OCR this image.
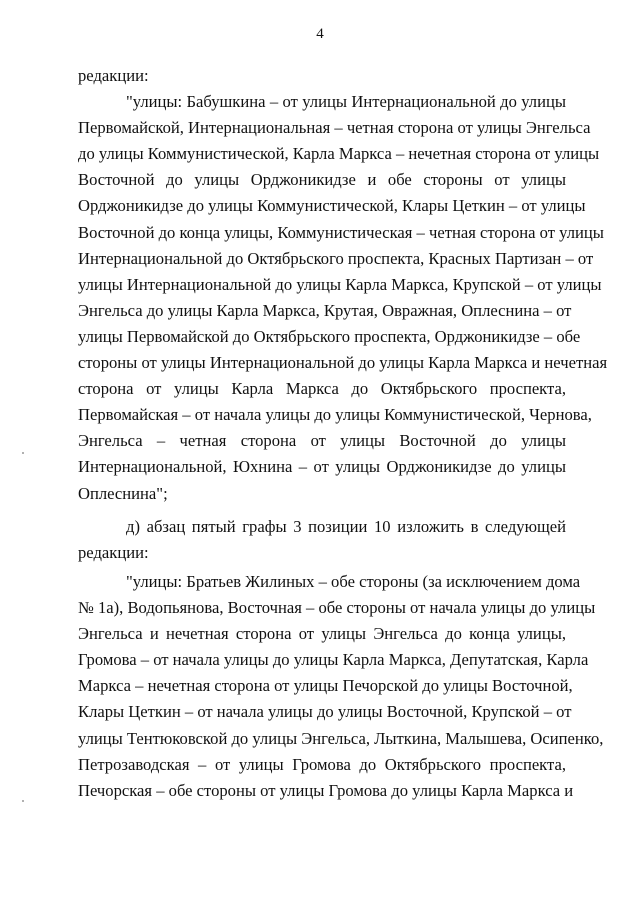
4
редакции:
"улицы: Бабушкина – от улицы Интернациональной до улицы
Первомайской, Интернациональная – четная сторона от улицы Энгельса
до улицы Коммунистической, Карла Маркса – нечетная сторона от улицы
Восточной до улицы Орджоникидзе и обе стороны от улицы
Орджоникидзе до улицы Коммунистической, Клары Цеткин – от улицы
Восточной до конца улицы, Коммунистическая – четная сторона от улицы
Интернациональной до Октябрьского проспекта, Красных Партизан – от
улицы Интернациональной до улицы Карла Маркса, Крупской – от улицы
Энгельса до улицы Карла Маркса, Крутая, Овражная, Оплеснина – от
улицы Первомайской до Октябрьского проспекта, Орджоникидзе – обе
стороны от улицы Интернациональной до улицы Карла Маркса и нечетная
сторона от улицы Карла Маркса до Октябрьского проспекта,
Первомайская – от начала улицы до улицы Коммунистической, Чернова,
Энгельса – четная сторона от улицы Восточной до улицы
Интернациональной, Юхнина – от улицы Орджоникидзе до улицы
Оплеснина";
д) абзац пятый графы 3 позиции 10 изложить в следующей
редакции:
"улицы: Братьев Жилиных – обе стороны (за исключением дома
№ 1а), Водопьянова, Восточная – обе стороны от начала улицы до улицы
Энгельса и нечетная сторона от улицы Энгельса до конца улицы,
Громова – от начала улицы до улицы Карла Маркса, Депутатская, Карла
Маркса – нечетная сторона от улицы Печорской до улицы Восточной,
Клары Цеткин – от начала улицы до улицы Восточной, Крупской – от
улицы Тентюковской до улицы Энгельса, Лыткина, Малышева, Осипенко,
Петрозаводская – от улицы Громова до Октябрьского проспекта,
Печорская – обе стороны от улицы Громова до улицы Карла Маркса и
